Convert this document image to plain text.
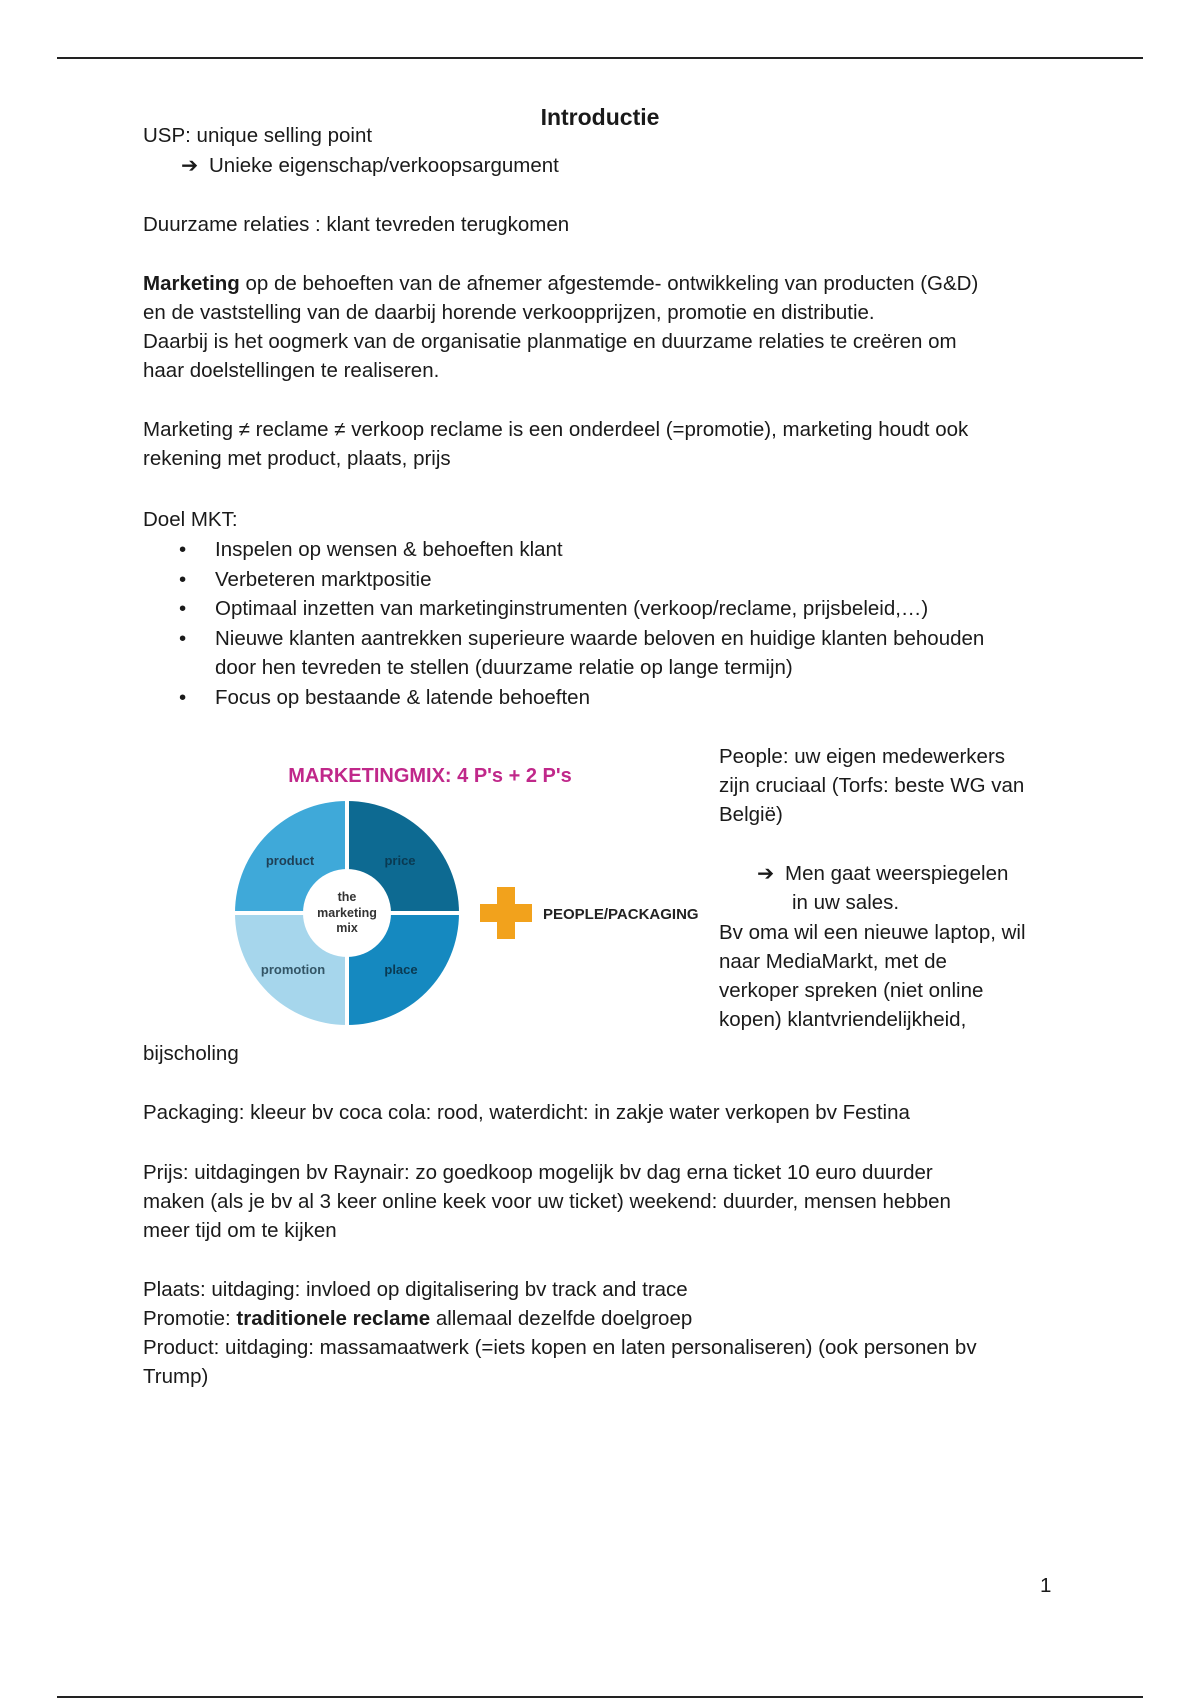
Introductie

USP: unique selling point

➔ Unieke eigenschap/verkoopsargument

Duurzame relaties : klant tevreden terugkomen

Marketing op de behoeften van de afnemer afgestemde- ontwikkeling van producten (G&D)

en de vaststelling van de daarbij horende verkoopprijzen, promotie en distributie.

Daarbij is het oogmerk van de organisatie planmatige en duurzame relaties te creëren om

haar doelstellingen te realiseren.

Marketing ≠ reclame ≠ verkoop reclame is een onderdeel (=promotie), marketing houdt ook

rekening met product, plaats, prijs

Doel MKT:

• Inspelen op wensen & behoeften klant
• Verbeteren marktpositie
• Optimaal inzetten van marketinginstrumenten (verkoop/reclame, prijsbeleid,…)
• Nieuwe klanten aantrekken superieure waarde beloven en huidige klanten behouden door hen tevreden te stellen (duurzame relatie op lange termijn)
• Focus op bestaande & latende behoeften
MARKETINGMIX: 4 P's + 2 P's
the
marketing
mix
product	price
promotion	place
PEOPLE/PACKAGING

People: uw eigen medewerkers

zijn cruciaal (Torfs: beste WG van

België)

➔ Men gaat weerspiegelen

in uw sales.

Bv oma wil een nieuwe laptop, wil

naar MediaMarkt, met de

verkoper spreken (niet online

kopen) klantvriendelijkheid,

bijscholing

Packaging: kleeur bv coca cola: rood, waterdicht: in zakje water verkopen bv Festina

Prijs: uitdagingen bv Raynair: zo goedkoop mogelijk bv dag erna ticket 10 euro duurder

maken (als je bv al 3 keer online keek voor uw ticket) weekend: duurder, mensen hebben

meer tijd om te kijken

Plaats: uitdaging: invloed op digitalisering bv track and trace

Promotie: traditionele reclame allemaal dezelfde doelgroep

Product: uitdaging: massamaatwerk (=iets kopen en laten personaliseren) (ook personen bv

Trump)

1
